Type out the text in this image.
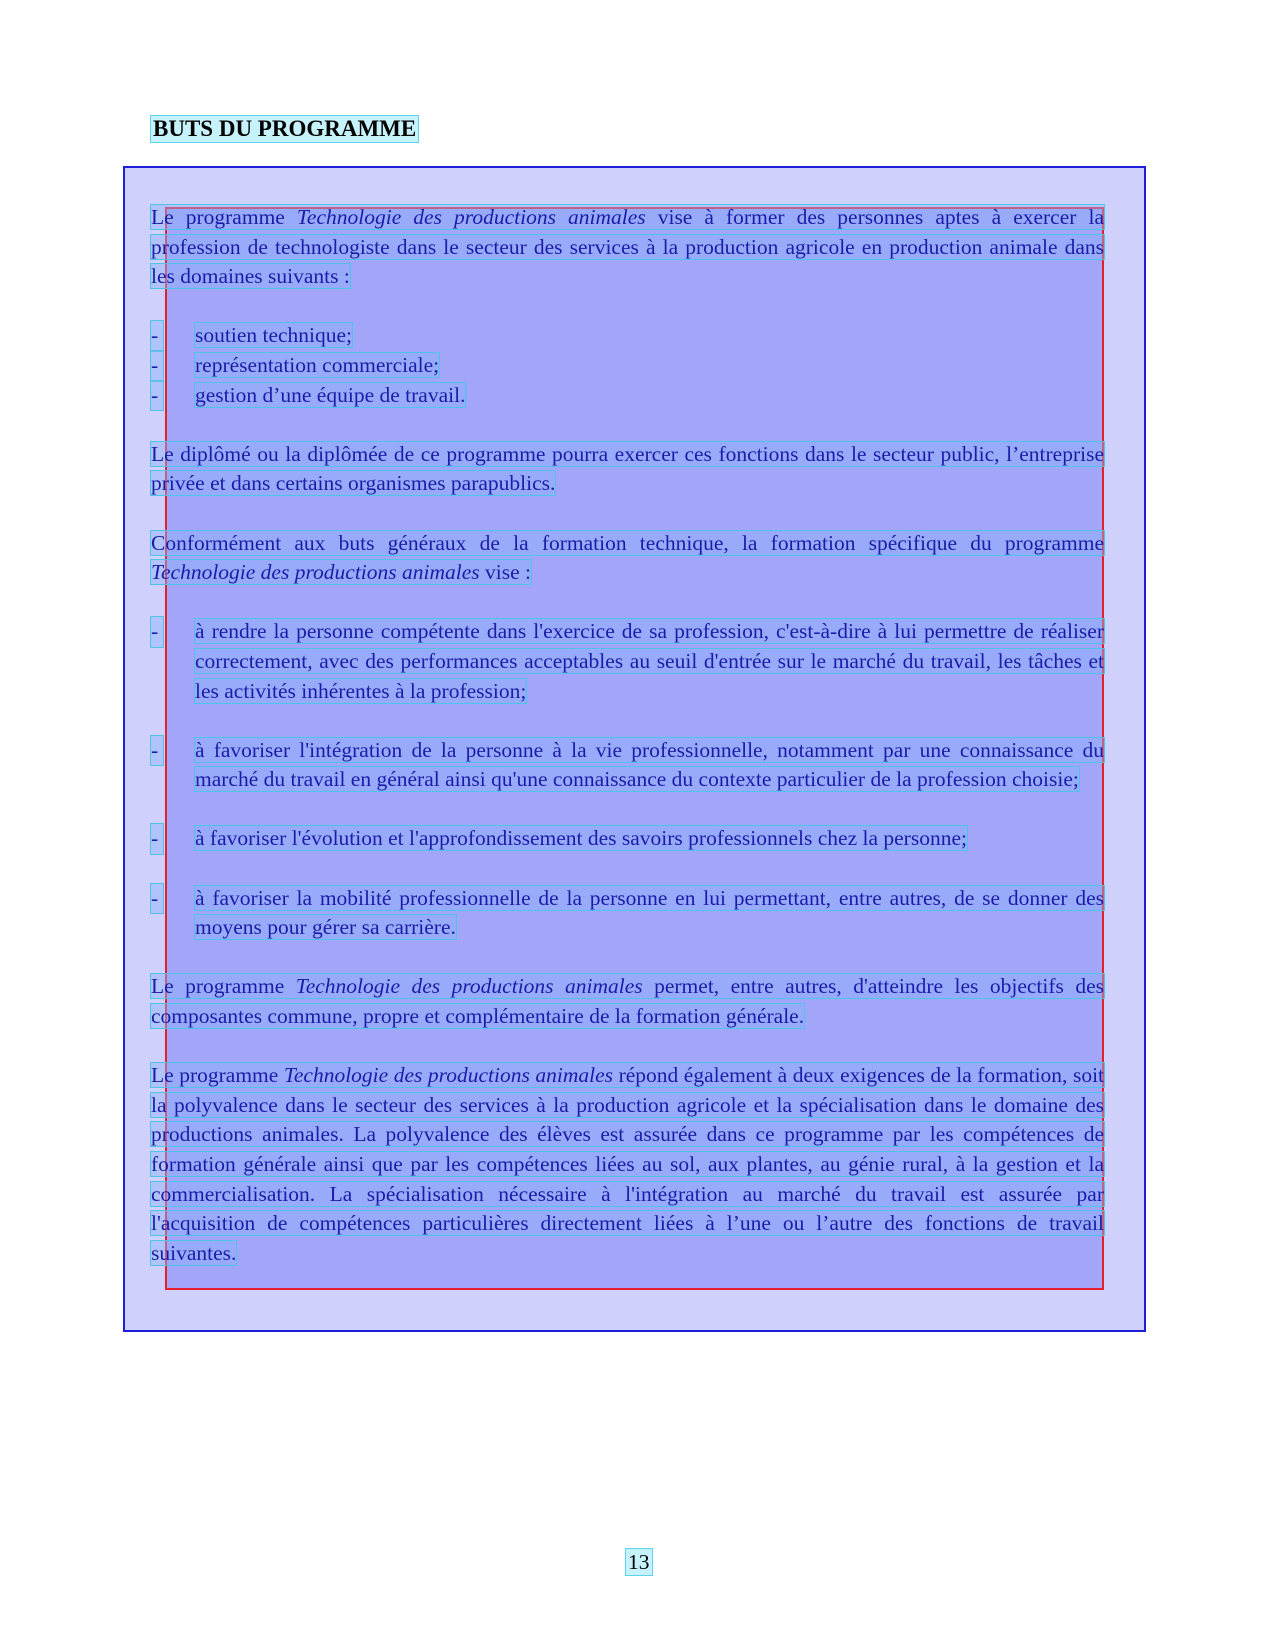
BUTS DU PROGRAMME

Le programme Technologie des productions animales vise à former des personnes aptes à exercer la profession de technologiste dans le secteur des services à la production agricole en production animale dans les domaines suivants :

- soutien technique;
- représentation commerciale;
- gestion d’une équipe de travail.

Le diplômé ou la diplômée de ce programme pourra exercer ces fonctions dans le secteur public, l’entreprise privée et dans certains organismes parapublics.

Conformément aux buts généraux de la formation technique, la formation spécifique du programme Technologie des productions animales vise :

- à rendre la personne compétente dans l'exercice de sa profession, c'est-à-dire à lui permettre de réaliser correctement, avec des performances acceptables au seuil d'entrée sur le marché du travail, les tâches et les activités inhérentes à la profession;
- à favoriser l'intégration de la personne à la vie professionnelle, notamment par une connaissance du marché du travail en général ainsi qu'une connaissance du contexte particulier de la profession choisie;
- à favoriser l'évolution et l'approfondissement des savoirs professionnels chez la personne;
- à favoriser la mobilité professionnelle de la personne en lui permettant, entre autres, de se donner des moyens pour gérer sa carrière.

Le programme Technologie des productions animales permet, entre autres, d'atteindre les objectifs des composantes commune, propre et complémentaire de la formation générale.

Le programme Technologie des productions animales répond également à deux exigences de la formation, soit la polyvalence dans le secteur des services à la production agricole et la spécialisation dans le domaine des productions animales. La polyvalence des élèves est assurée dans ce programme par les compétences de formation générale ainsi que par les compétences liées au sol, aux plantes, au génie rural, à la gestion et la commercialisation. La spécialisation nécessaire à l'intégration au marché du travail est assurée par l'acquisition de compétences particulières directement liées à l’une ou l’autre des fonctions de travail suivantes.

13
